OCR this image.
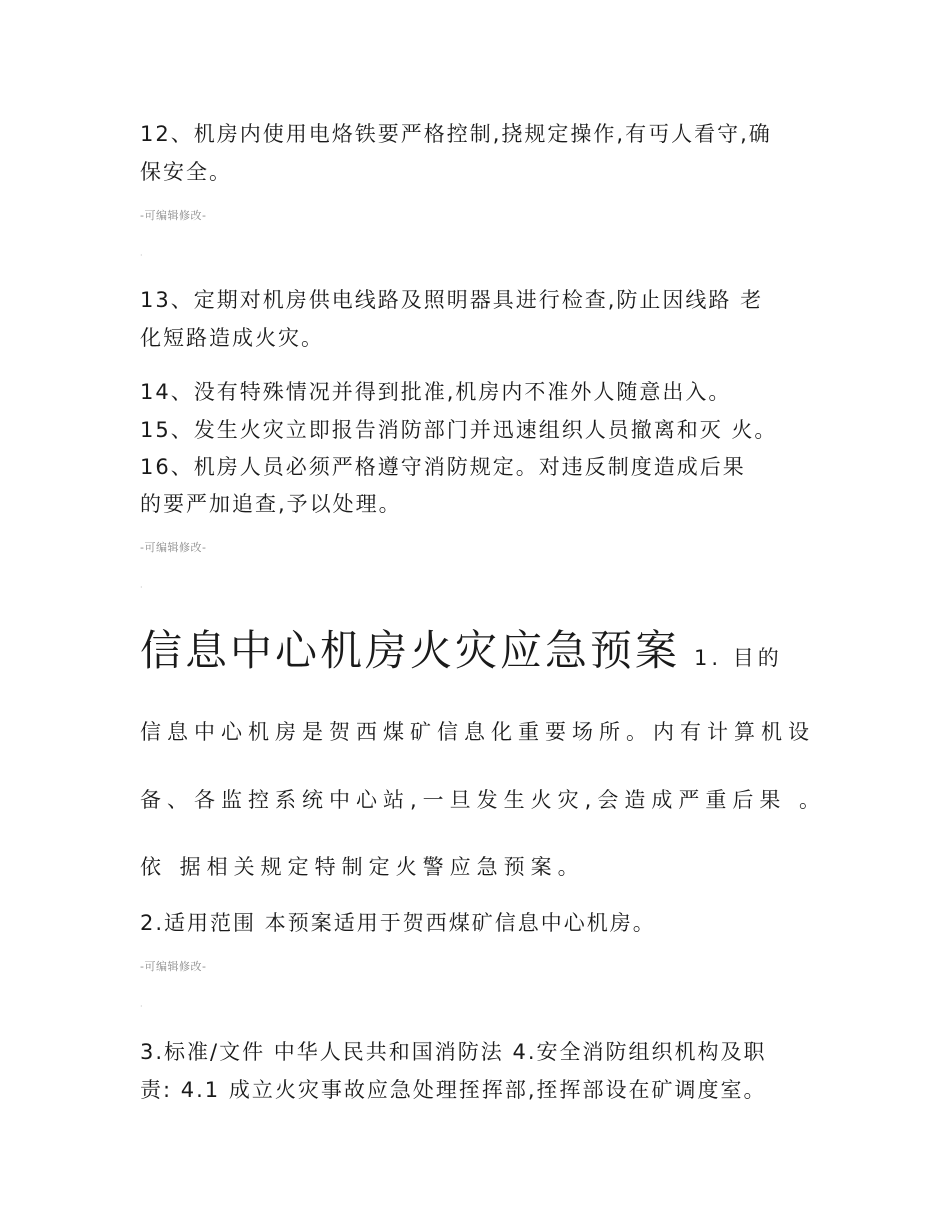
12、机房内使用电烙铁要严格控制,挠规定操作,有丏人看守,确
保安全。
-可编辑修改-
·
13、定期对机房供电线路及照明器具进行检查,防止因线路 老
化短路造成火灾。
14、没有特殊情况并得到批准,机房内不准外人随意出入。
15、发生火灾立即报告消防部门并迅速组织人员撤离和灭 火。
16、机房人员必须严格遵守消防规定。对违反制度造成后果
的要严加追查,予以处理。
-可编辑修改-
·
信息中心机房火灾应急预案 1. 目的
信息中心机房是贺西煤矿信息化重要场所。内有计算机设
备、各监控系统中心站,一旦发生火灾,会造成严重后果 。
依 据相关规定特制定火警应急预案。
2.适用范围 本预案适用于贺西煤矿信息中心机房。
-可编辑修改-
·
3.标准/文件 中华人民共和国消防法 4.安全消防组织机构及职
责: 4.1 成立火灾事故应急处理挃挥部,挃挥部设在矿调度室。
